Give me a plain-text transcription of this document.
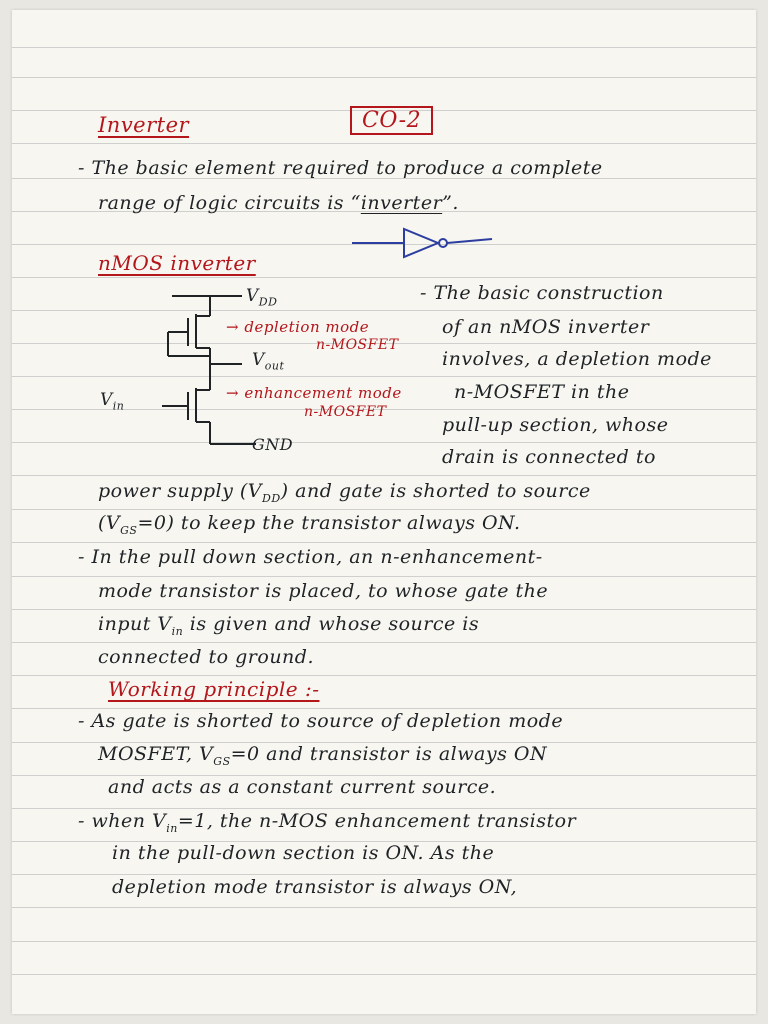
Inverter	CO-2
- The basic element required to produce a complete
range of logic circuits is “inverter”.
nMOS inverter
$V_{DD}$
→ depletion mode
n-MOSFET
$V_{out}$
$V_{in}$
→ enhancement mode
n-MOSFET
GND
- The basic construction
of an nMOS inverter
involves, a depletion mode
n-MOSFET in the
pull-up section, whose
drain is connected to
power supply $(V_{DD})$ and gate is shorted to source
$(V_{GS}=0)$ to keep the transistor always ON.
- In the pull down section, an n-enhancement-
mode transistor is placed, to whose gate the
input $V_{in}$ is given and whose source is
connected to ground.
Working principle :-
- As gate is shorted to source of depletion mode
MOSFET, $V_{GS}=0$ and transistor is always ON
and acts as a constant current source.
- when $V_{in}=1$, the n-MOS enhancement transistor
in the pull-down section is ON. As the
depletion mode transistor is always ON,
